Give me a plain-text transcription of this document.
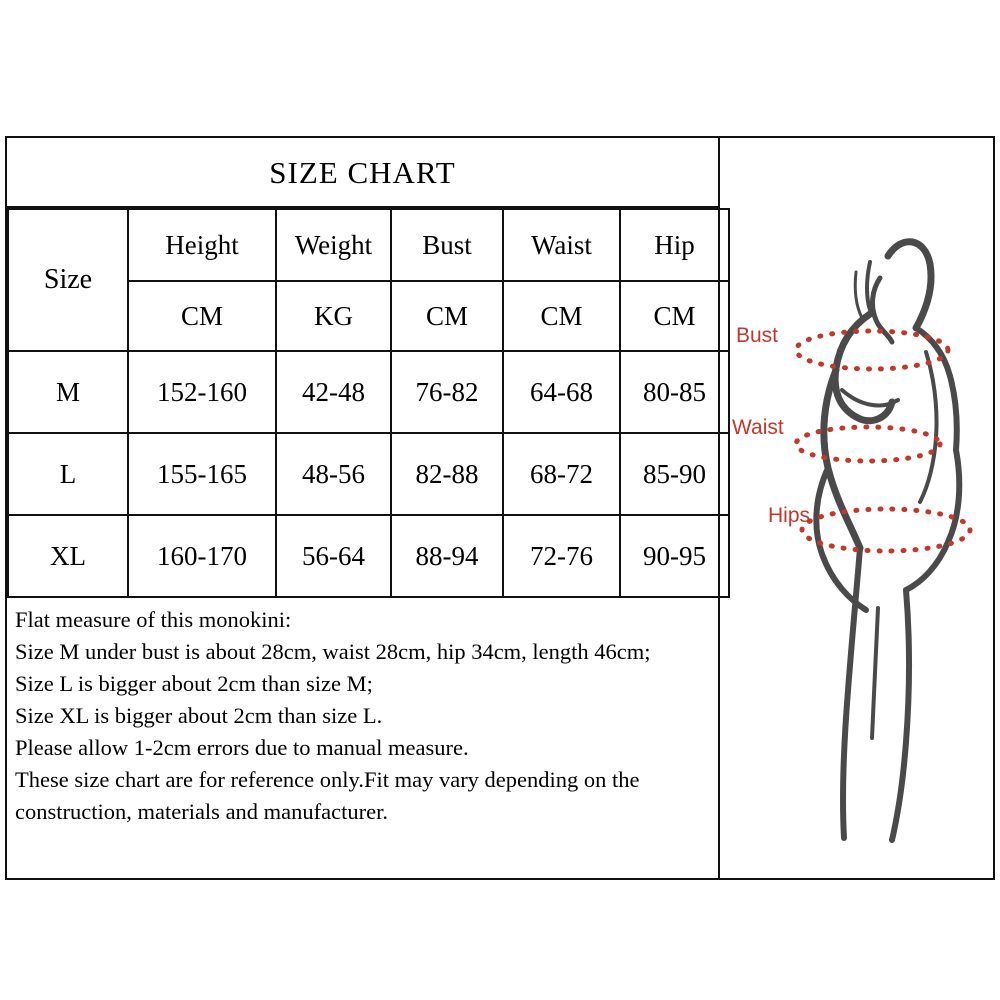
SIZE CHART
Size	Height	Weight	Bust	Waist	Hip
	CM	KG	CM	CM	CM
M	152-160	42-48	76-82	64-68	80-85
L	155-165	48-56	82-88	68-72	85-90
XL	160-170	56-64	88-94	72-76	90-95
Flat measure of this monokini:
Size M under bust is about 28cm, waist 28cm, hip 34cm, length 46cm;
Size L is bigger about 2cm than size M;
Size XL is bigger about 2cm than size L.
Please allow 1-2cm errors due to manual measure.
These size chart are for reference only.Fit may vary depending on the
construction, materials and manufacturer.
Bust
Waist
Hips
